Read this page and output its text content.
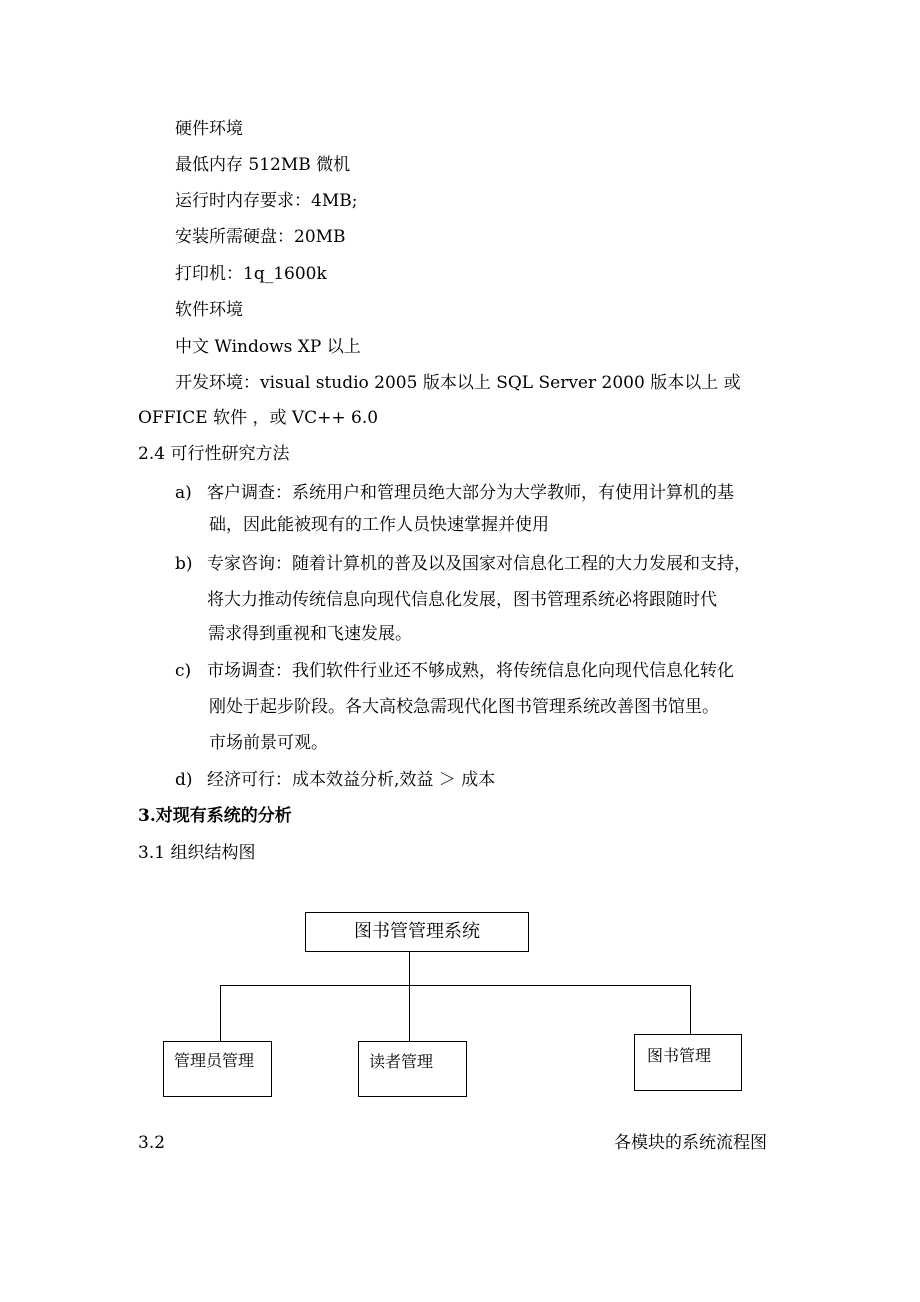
硬件环境
最低内存 512MB 微机
运行时内存要求：4MB;
安装所需硬盘：20MB
打印机：1q_1600k
软件环境
中文 Windows XP 以上
开发环境：visual studio 2005 版本以上 SQL Server 2000 版本以上 或
OFFICE 软件 ，或 VC++ 6.0
2.4 可行性研究方法
a) 客户调查：系统用户和管理员绝大部分为大学教师，有使用计算机的基
础，因此能被现有的工作人员快速掌握并使用
b) 专家咨询：随着计算机的普及以及国家对信息化工程的大力发展和支持，
将大力推动传统信息向现代信息化发展，图书管理系统必将跟随时代
需求得到重视和飞速发展。
c) 市场调查：我们软件行业还不够成熟，将传统信息化向现代信息化转化
刚处于起步阶段。各大高校急需现代化图书管理系统改善图书馆里。
市场前景可观。
d) 经济可行：成本效益分析,效益 ＞ 成本
3.对现有系统的分析
3.1 组织结构图
图书管管理系统
管理员管理	读者管理	图书管理
3.2	各模块的系统流程图
